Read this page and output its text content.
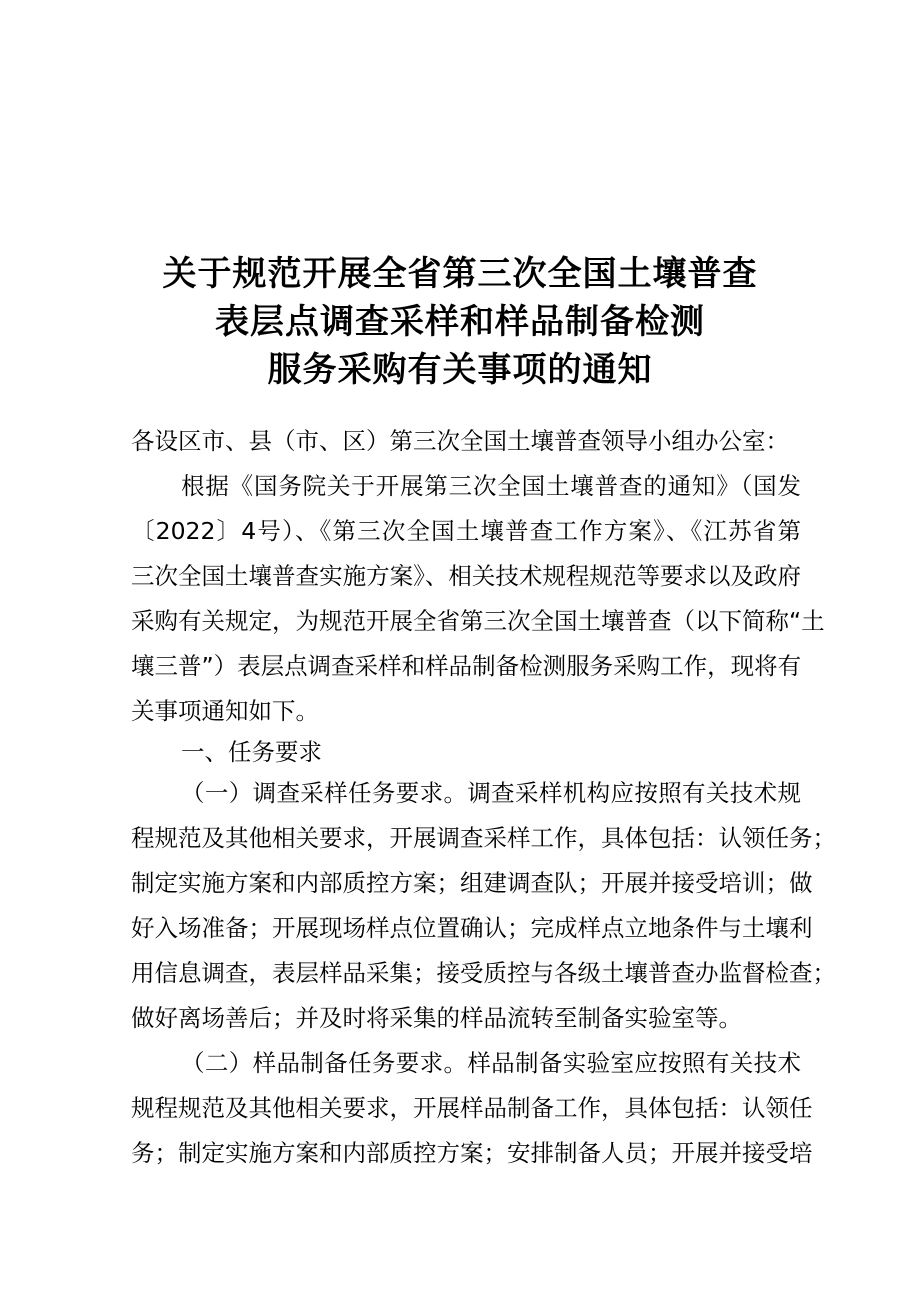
关于规范开展全省第三次全国土壤普查
表层点调查采样和样品制备检测
服务采购有关事项的通知
各设区市、县（市、区）第三次全国土壤普查领导小组办公室：
根据《国务院关于开展第三次全国土壤普查的通知》（国发
〔2022〕4号）、《第三次全国土壤普查工作方案》、《江苏省第
三次全国土壤普查实施方案》、相关技术规程规范等要求以及政府
采购有关规定，为规范开展全省第三次全国土壤普查（以下简称“土
壤三普”）表层点调查采样和样品制备检测服务采购工作，现将有
关事项通知如下。
一、任务要求
（一）调查采样任务要求。调查采样机构应按照有关技术规
程规范及其他相关要求，开展调查采样工作，具体包括：认领任务；
制定实施方案和内部质控方案；组建调查队；开展并接受培训；做
好入场准备；开展现场样点位置确认；完成样点立地条件与土壤利
用信息调查，表层样品采集；接受质控与各级土壤普查办监督检查；
做好离场善后；并及时将采集的样品流转至制备实验室等。
（二）样品制备任务要求。样品制备实验室应按照有关技术
规程规范及其他相关要求，开展样品制备工作，具体包括：认领任
务；制定实施方案和内部质控方案；安排制备人员；开展并接受培
